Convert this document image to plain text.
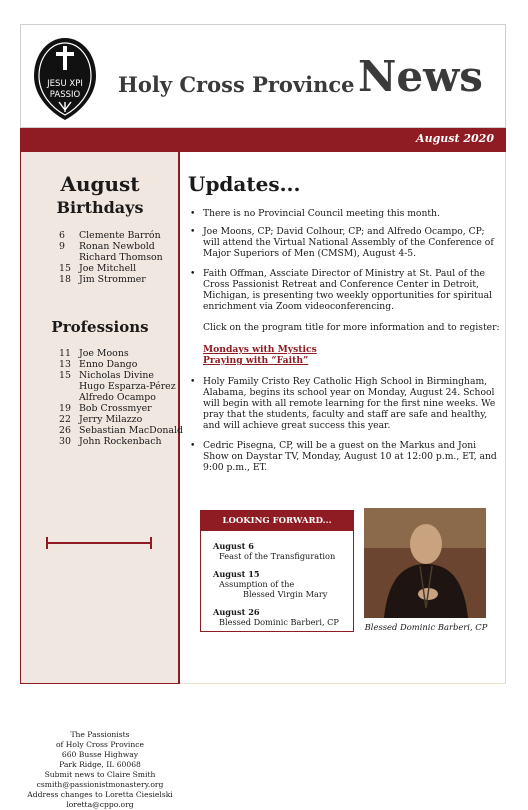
JESU XPI
PASSIO Holy Cross Province News
August 2020
August
Birthdays
6	Clemente Barrón
9	Ronan Newbold
Richard Thomson
15 Joe Mitchell
18 Jim Strommer
Professions
11 Joe Moons
13 Enno Dango
15 Nicholas Divine
Hugo Esparza-Pérez
Alfredo Ocampo
19 Bob Crossmyer
22 Jerry Milazzo
26 Sebastian MacDonald
30 John Rockenbach
The Passionists
of Holy Cross Province
660 Busse Highway
Park Ridge, IL 60068
Submit news to Claire Smith
csmith@passionistmonastery.org
Address changes to Loretta Ciesielski
loretta@cppo.org
Updates...
• There is no Provincial Council meeting this month.
• Joe Moons, CP; David Colhour, CP; and Alfredo Ocampo, CP; will attend the Virtual National Assembly of the Conference of Major Superiors of Men (CMSM), August 4-5.
• Faith Offman, Assciate Director of Ministry at St. Paul of the Cross Passionist Retreat and Conference Center in Detroit, Michigan, is presenting two weekly opportunities for spiritual enrichment via Zoom videoconferencing.
Click on the program title for more information and to register:
Mondays with Mystics
Praying with “Faith”
• Holy Family Cristo Rey Catholic High School in Birmingham, Alabama, begins its school year on Monday, August 24. School will begin with all remote learning for the first nine weeks. We pray that the students, faculty and staff are safe and healthy, and will achieve great success this year.
• Cedric Pisegna, CP, will be a guest on the Markus and Joni Show on Daystar TV, Monday, August 10 at 12:00 p.m., ET, and 9:00 p.m., ET.
LOOKING FORWARD...
August 6
Feast of the Transfiguration
August 15
Assumption of the
Blessed Virgin Mary
August 26
Blessed Dominic Barberi, CP	Blessed Dominic Barberi, CP
